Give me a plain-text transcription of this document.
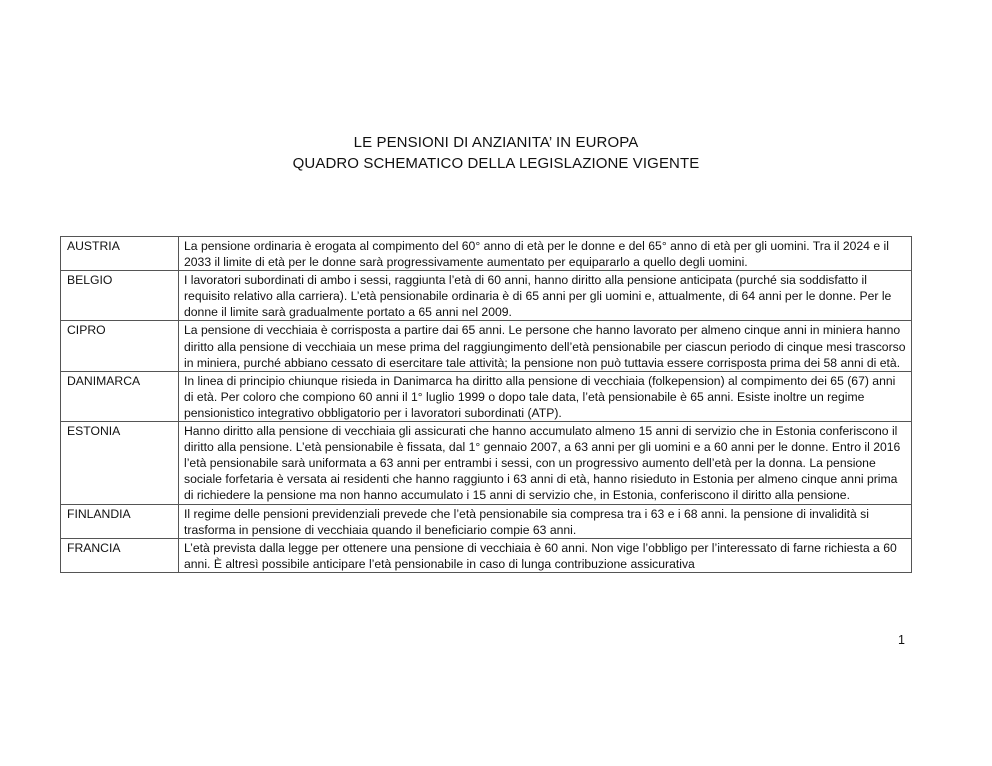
LE PENSIONI DI ANZIANITA’ IN EUROPA
QUADRO SCHEMATICO DELLA LEGISLAZIONE VIGENTE
AUSTRIA	La pensione ordinaria è erogata al compimento del 60° anno di età per le donne e del 65° anno di età per gli uomini. Tra il 2024 e il 2033 il limite di età per le donne sarà progressivamente aumentato per equipararlo a quello degli uomini.
BELGIO	I lavoratori subordinati di ambo i sessi, raggiunta l’età di 60 anni, hanno diritto alla pensione anticipata (purché sia soddisfatto il requisito relativo alla carriera). L’età pensionabile ordinaria è di 65 anni per gli uomini e, attualmente, di 64 anni per le donne. Per le donne il limite sarà gradualmente portato a 65 anni nel 2009.
CIPRO	La pensione di vecchiaia è corrisposta a partire dai 65 anni. Le persone che hanno lavorato per almeno cinque anni in miniera hanno diritto alla pensione di vecchiaia un mese prima del raggiungimento dell’età pensionabile per ciascun periodo di cinque mesi trascorso in miniera, purché abbiano cessato di esercitare tale attività; la pensione non può tuttavia essere corrisposta prima dei 58 anni di età.
DANIMARCA	In linea di principio chiunque risieda in Danimarca ha diritto alla pensione di vecchiaia (folkepension) al compimento dei 65 (67) anni di età. Per coloro che compiono 60 anni il 1° luglio 1999 o dopo tale data, l’età pensionabile è 65 anni. Esiste inoltre un regime pensionistico integrativo obbligatorio per i lavoratori subordinati (ATP).
ESTONIA	Hanno diritto alla pensione di vecchiaia gli assicurati che hanno accumulato almeno 15 anni di servizio che in Estonia conferiscono il diritto alla pensione. L’età pensionabile è fissata, dal 1° gennaio 2007, a 63 anni per gli uomini e a 60 anni per le donne. Entro il 2016 l’età pensionabile sarà uniformata a 63 anni per entrambi i sessi, con un progressivo aumento dell’età per la donna. La pensione sociale forfetaria è versata ai residenti che hanno raggiunto i 63 anni di età, hanno risieduto in Estonia per almeno cinque anni prima di richiedere la pensione ma non hanno accumulato i 15 anni di servizio che, in Estonia, conferiscono il diritto alla pensione.
FINLANDIA	Il regime delle pensioni previdenziali prevede che l’età pensionabile sia compresa tra i 63 e i 68 anni. la pensione di invalidità si trasforma in pensione di vecchiaia quando il beneficiario compie 63 anni.
FRANCIA	L’età prevista dalla legge per ottenere una pensione di vecchiaia è 60 anni. Non vige l’obbligo per l’interessato di farne richiesta a 60 anni. È altresì possibile anticipare l’età pensionabile in caso di lunga contribuzione assicurativa
1
